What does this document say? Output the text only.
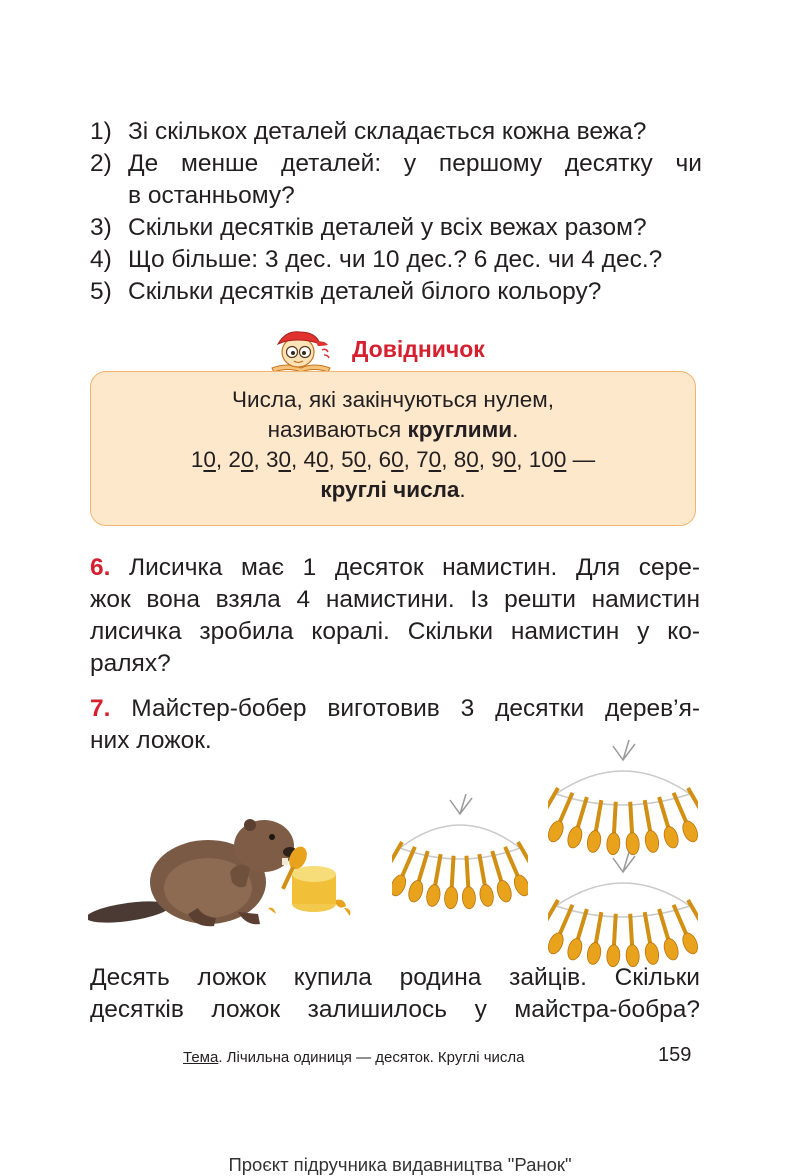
1) Зі скількох деталей складається кожна вежа?
2) Де менше деталей: у першому десятку чи
в останньому?
3) Скільки десятків деталей у всіх вежах разом?
4) Що більше: 3 дес. чи 10 дес.? 6 дес. чи 4 дес.?
5) Скільки десятків деталей білого кольору?
Довідничок
Числа, які закінчуються нулем,
називаються круглими.
10, 20, 30, 40, 50, 60, 70, 80, 90, 100 —
круглі числа.
6. Лисичка має 1 десяток намистин. Для сере-
жок вона взяла 4 намистини. Із решти намистин
лисичка зробила коралі. Скільки намистин у ко-
ралях?
7. Майстер-бобер виготовив 3 десятки дерев’я-
них ложок.
Десять ложок купила родина зайців. Скільки
десятків ложок залишилось у майстра-бобра?
Тема. Лічильна одиниця — десяток. Круглі числа	159
Проєкт підручника видавництва "Ранок"
